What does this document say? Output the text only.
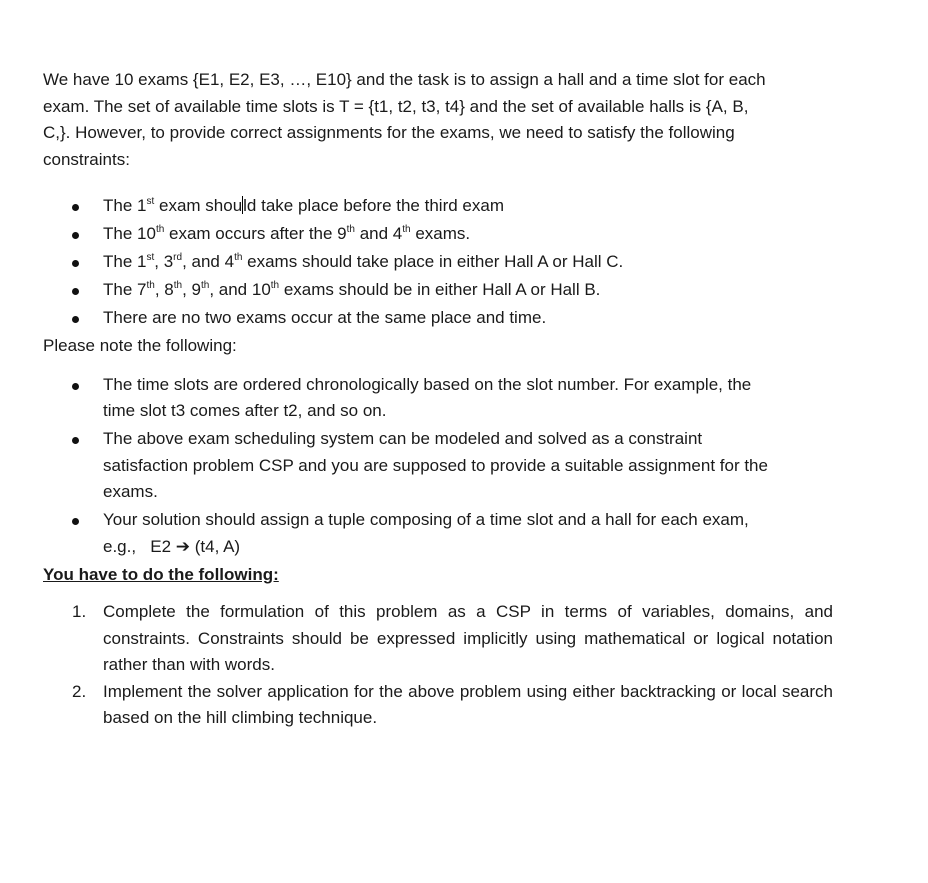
We have 10 exams {E1, E2, E3, …, E10} and the task is to assign a hall and a time slot for each
exam. The set of available time slots is T = {t1, t2, t3, t4} and the set of available halls is {A, B,
C,}. However, to provide correct assignments for the exams, we need to satisfy the following
constraints:

The 1st exam should take place before the third exam
The 10th exam occurs after the 9th and 4th exams.
The 1st, 3rd, and 4th exams should take place in either Hall A or Hall C.
The 7th, 8th, 9th, and 10th exams should be in either Hall A or Hall B.
There are no two exams occur at the same place and time.

Please note the following:

The time slots are ordered chronologically based on the slot number. For example, the
time slot t3 comes after t2, and so on.
The above exam scheduling system can be modeled and solved as a constraint
satisfaction problem CSP and you are supposed to provide a suitable assignment for the
exams.
Your solution should assign a tuple composing of a time slot and a hall for each exam,
e.g.,   E2 ➔ (t4, A)

You have to do the following:

1. Complete the formulation of this problem as a CSP in terms of variables, domains, and constraints. Constraints should be expressed implicitly using mathematical or logical notation rather than with words.
2. Implement the solver application for the above problem using either backtracking or local search based on the hill climbing technique.
